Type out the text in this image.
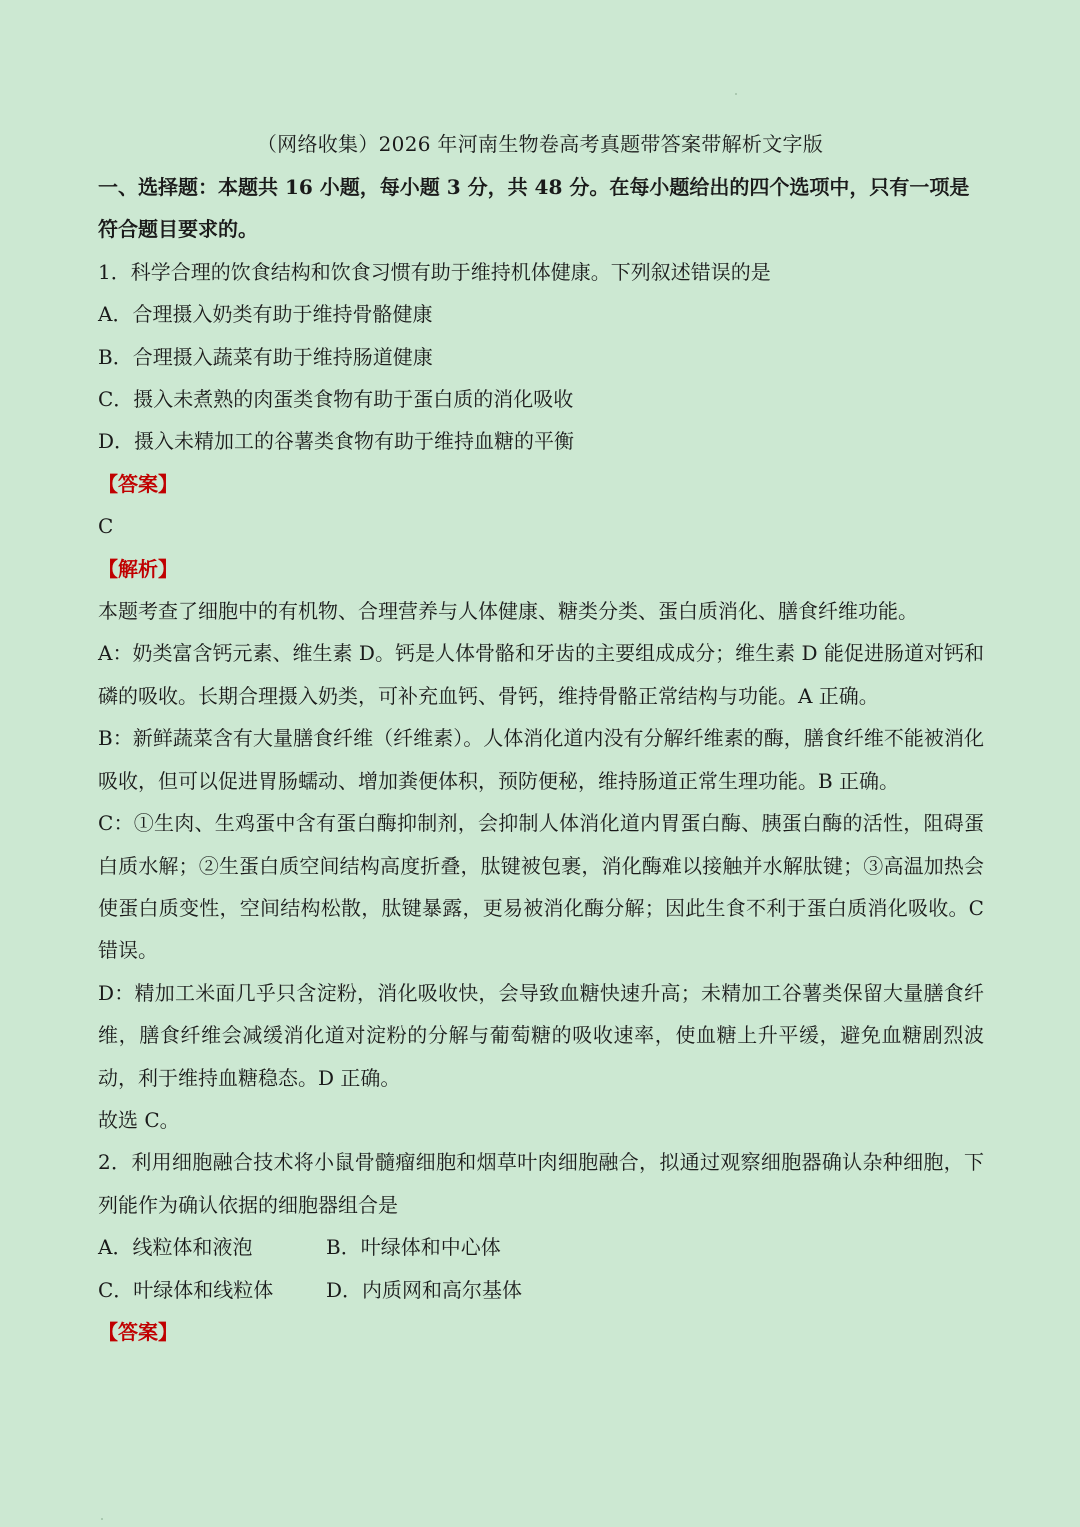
（网络收集）2026 年河南生物卷高考真题带答案带解析文字版
一、选择题：本题共 16 小题，每小题 3 分，共 48 分。在每小题给出的四个选项中，只有一项是符合题目要求的。
1．科学合理的饮食结构和饮食习惯有助于维持机体健康。下列叙述错误的是
A．合理摄入奶类有助于维持骨骼健康
B．合理摄入蔬菜有助于维持肠道健康
C．摄入未煮熟的肉蛋类食物有助于蛋白质的消化吸收
D．摄入未精加工的谷薯类食物有助于维持血糖的平衡
【答案】
C
【解析】
本题考查了细胞中的有机物、合理营养与人体健康、糖类分类、蛋白质消化、膳食纤维功能。
A：奶类富含钙元素、维生素 D。钙是人体骨骼和牙齿的主要组成成分；维生素 D 能促进肠道对钙和磷的吸收。长期合理摄入奶类，可补充血钙、骨钙，维持骨骼正常结构与功能。A 正确。
B：新鲜蔬菜含有大量膳食纤维（纤维素）。人体消化道内没有分解纤维素的酶，膳食纤维不能被消化吸收，但可以促进胃肠蠕动、增加粪便体积，预防便秘，维持肠道正常生理功能。B 正确。
C：①生肉、生鸡蛋中含有蛋白酶抑制剂，会抑制人体消化道内胃蛋白酶、胰蛋白酶的活性，阻碍蛋白质水解；②生蛋白质空间结构高度折叠，肽键被包裹，消化酶难以接触并水解肽键；③高温加热会使蛋白质变性，空间结构松散，肽键暴露，更易被消化酶分解；因此生食不利于蛋白质消化吸收。C 错误。
D：精加工米面几乎只含淀粉，消化吸收快，会导致血糖快速升高；未精加工谷薯类保留大量膳食纤维，膳食纤维会减缓消化道对淀粉的分解与葡萄糖的吸收速率，使血糖上升平缓，避免血糖剧烈波动，利于维持血糖稳态。D 正确。
故选 C。
2．利用细胞融合技术将小鼠骨髓瘤细胞和烟草叶肉细胞融合，拟通过观察细胞器确认杂种细胞，下列能作为确认依据的细胞器组合是
A．线粒体和液泡	B．叶绿体和中心体
C．叶绿体和线粒体	D．内质网和高尔基体
【答案】
